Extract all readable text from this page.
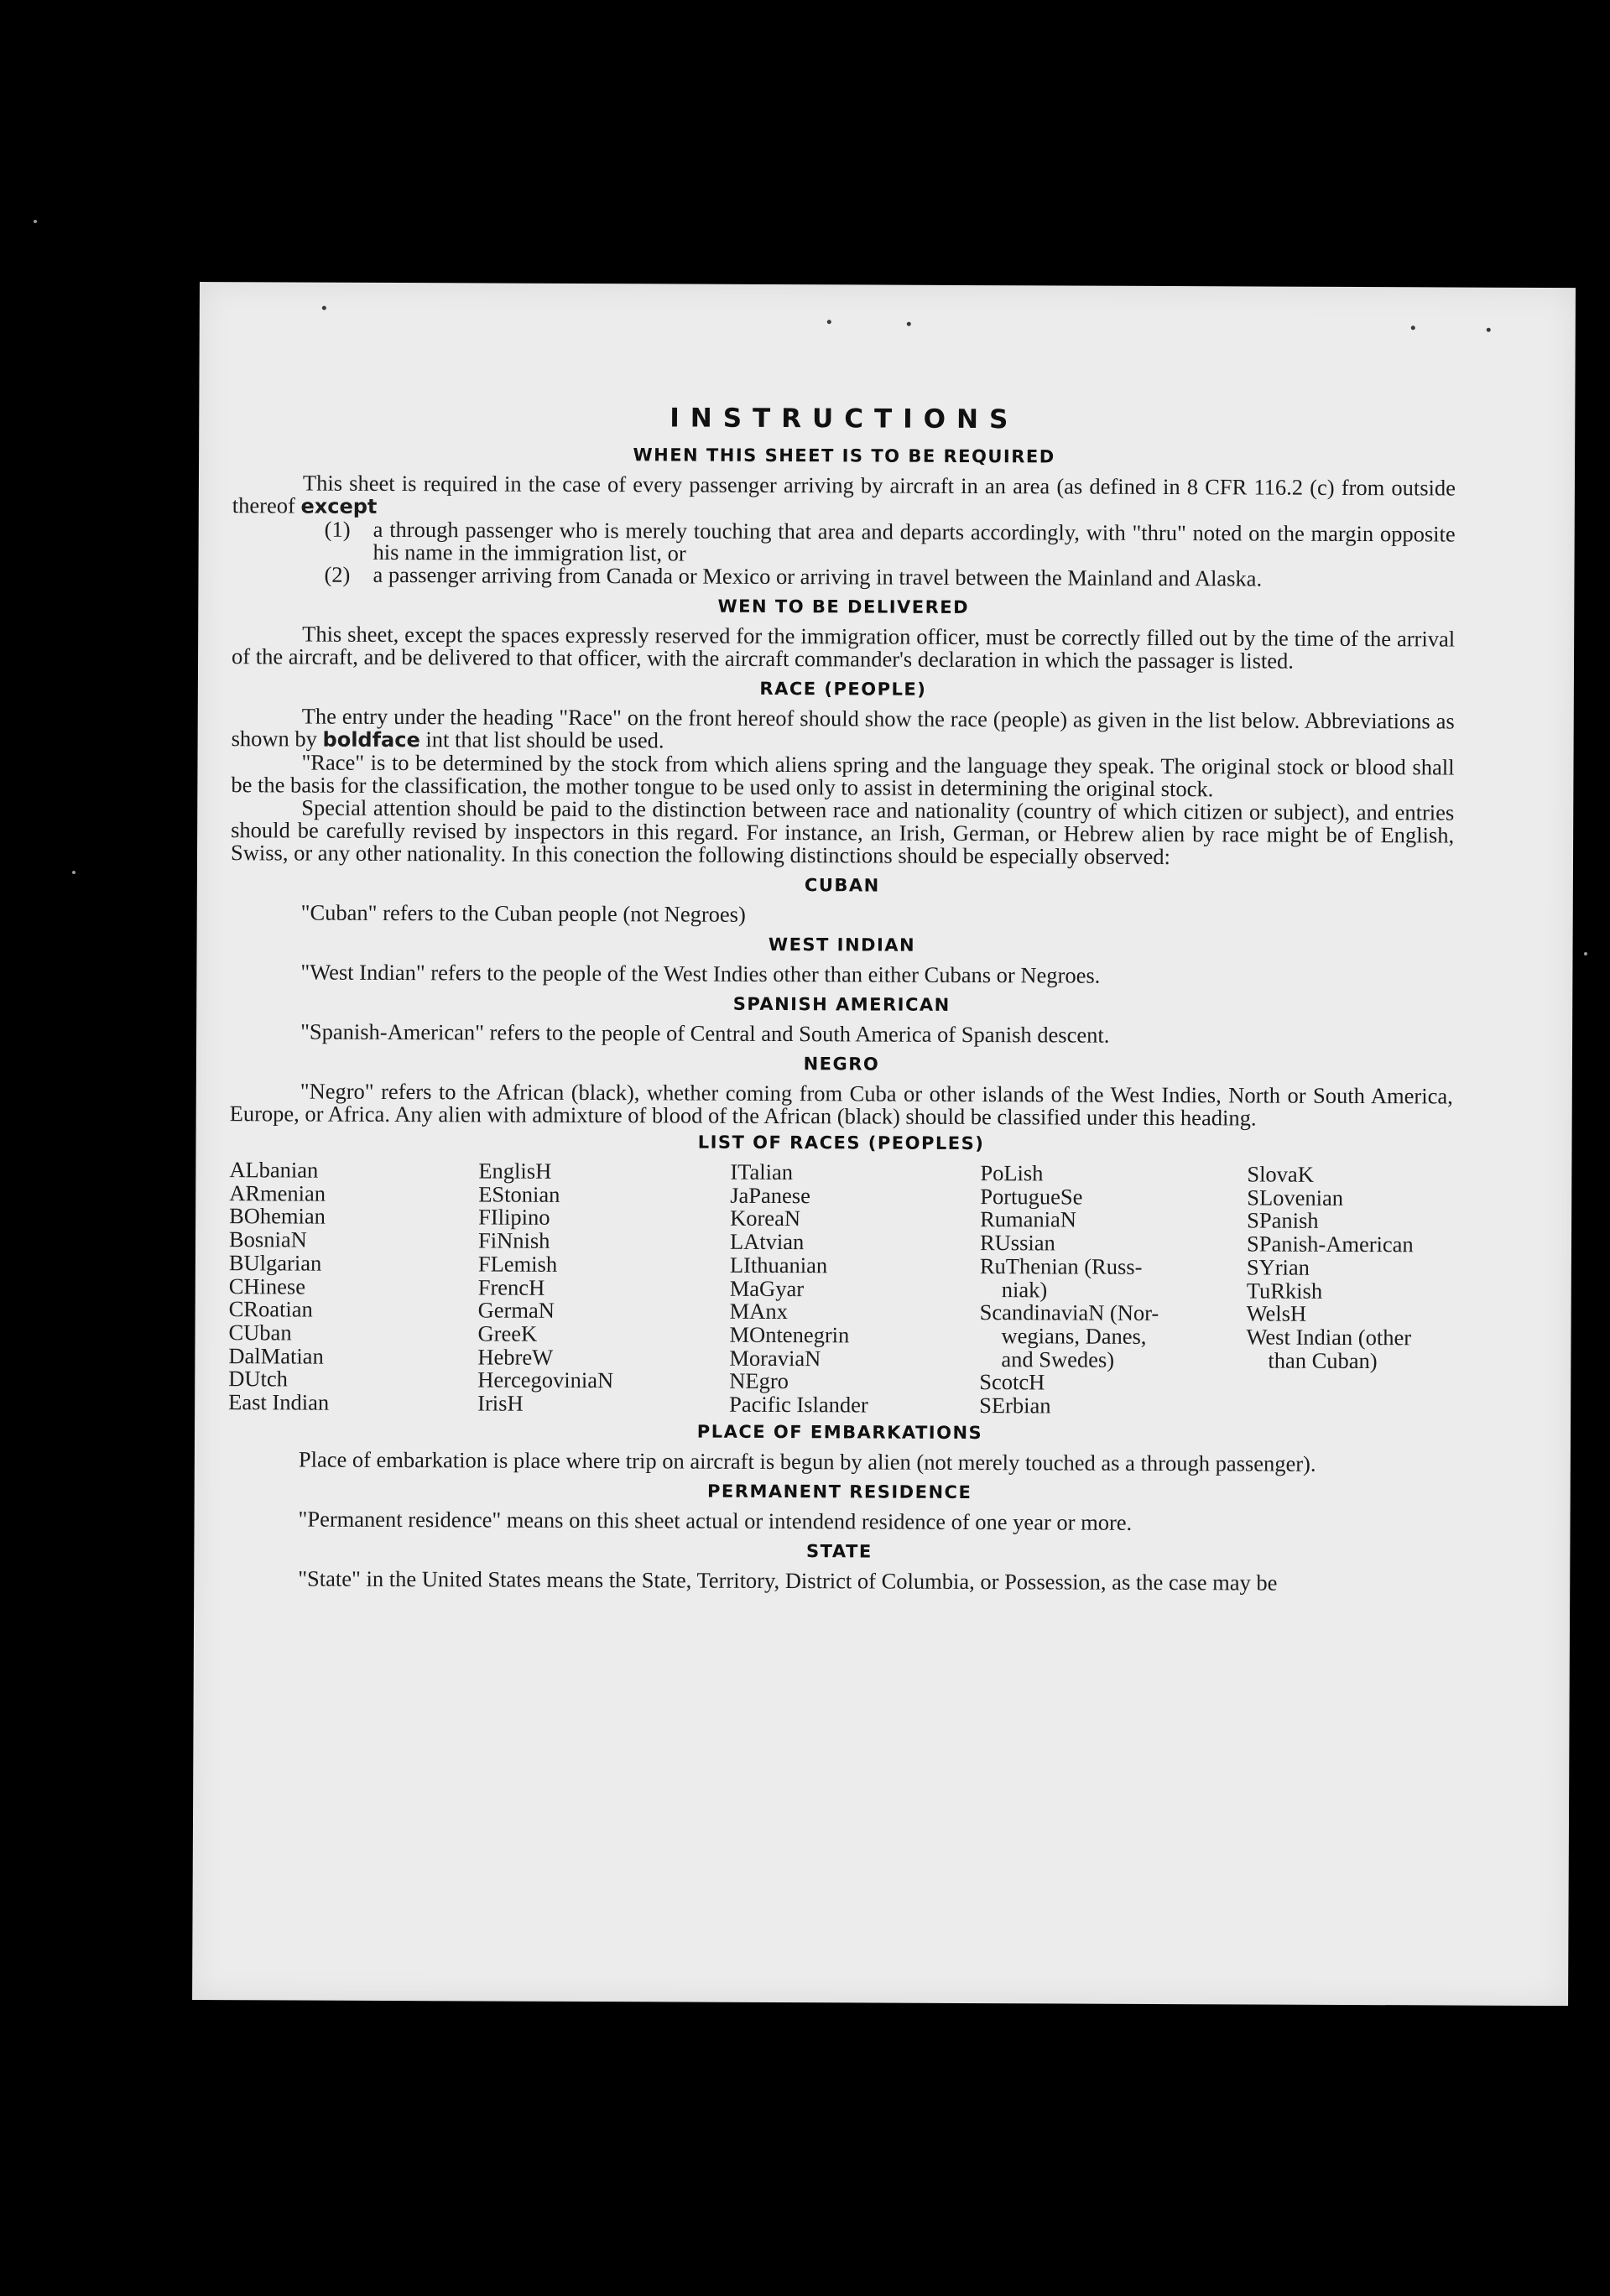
INSTRUCTIONS
WHEN THIS SHEET IS TO BE REQUIRED

This sheet is required in the case of every passenger arriving by aircraft in an area (as defined in 8 CFR 116.2 (c) from outside thereof except

(1)	a through passenger who is merely touching that area and departs accordingly, with "thru" noted on the margin opposite his name in the immigration list, or
(2)	a passenger arriving from Canada or Mexico or arriving in travel between the Mainland and Alaska.
WEN TO BE DELIVERED

This sheet, except the spaces expressly reserved for the immigration officer, must be correctly filled out by the time of the arrival of the aircraft, and be delivered to that officer, with the aircraft commander's declaration in which the passager is listed.

RACE (PEOPLE)

The entry under the heading "Race" on the front hereof should show the race (people) as given in the list below. Abbreviations as shown by boldface int that list should be used.

"Race" is to be determined by the stock from which aliens spring and the language they speak. The original stock or blood shall be the basis for the classification, the mother tongue to be used only to assist in determining the original stock.

Special attention should be paid to the distinction between race and nationality (country of which citizen or subject), and entries should be carefully revised by inspectors in this regard. For instance, an Irish, German, or Hebrew alien by race might be of English, Swiss, or any other nationality. In this conection the following distinctions should be especially observed:

CUBAN

"Cuban" refers to the Cuban people (not Negroes)

WEST INDIAN

"West Indian" refers to the people of the West Indies other than either Cubans or Negroes.

SPANISH AMERICAN

"Spanish-American" refers to the people of Central and South America of Spanish descent.

NEGRO

"Negro" refers to the African (black), whether coming from Cuba or other islands of the West Indies, North or South America, Europe, or Africa. Any alien with admixture of blood of the African (black) should be classified under this heading.

LIST OF RACES (PEOPLES)
ALbanian
ARmenian
BOhemian
BosniaN
BUlgarian
CHinese
CRoatian
CUban
DalMatian
DUtch
East Indian
EnglisH
EStonian
FIlipino
FiNnish
FLemish
FrencH
GermaN
GreeK
HebreW
HercegoviniaN
IrisH
ITalian
JaPanese
KoreaN
LAtvian
LIthuanian
MaGyar
MAnx
MOntenegrin
MoraviaN
NEgro
Pacific Islander
PoLish
PortugueSe
RumaniaN
RUssian
RuThenian (Russ-
niak)
ScandinaviaN (Nor-
wegians, Danes,
and Swedes)
ScotcH
SErbian
SlovaK
SLovenian
SPanish
SPanish-American
SYrian
TuRkish
WelsH
West Indian (other
than Cuban)
PLACE OF EMBARKATIONS

Place of embarkation is place where trip on aircraft is begun by alien (not merely touched as a through passenger).

PERMANENT RESIDENCE

"Permanent residence" means on this sheet actual or intendend residence of one year or more.

STATE

"State" in the United States means the State, Territory, District of Columbia, or Possession, as the case may be
